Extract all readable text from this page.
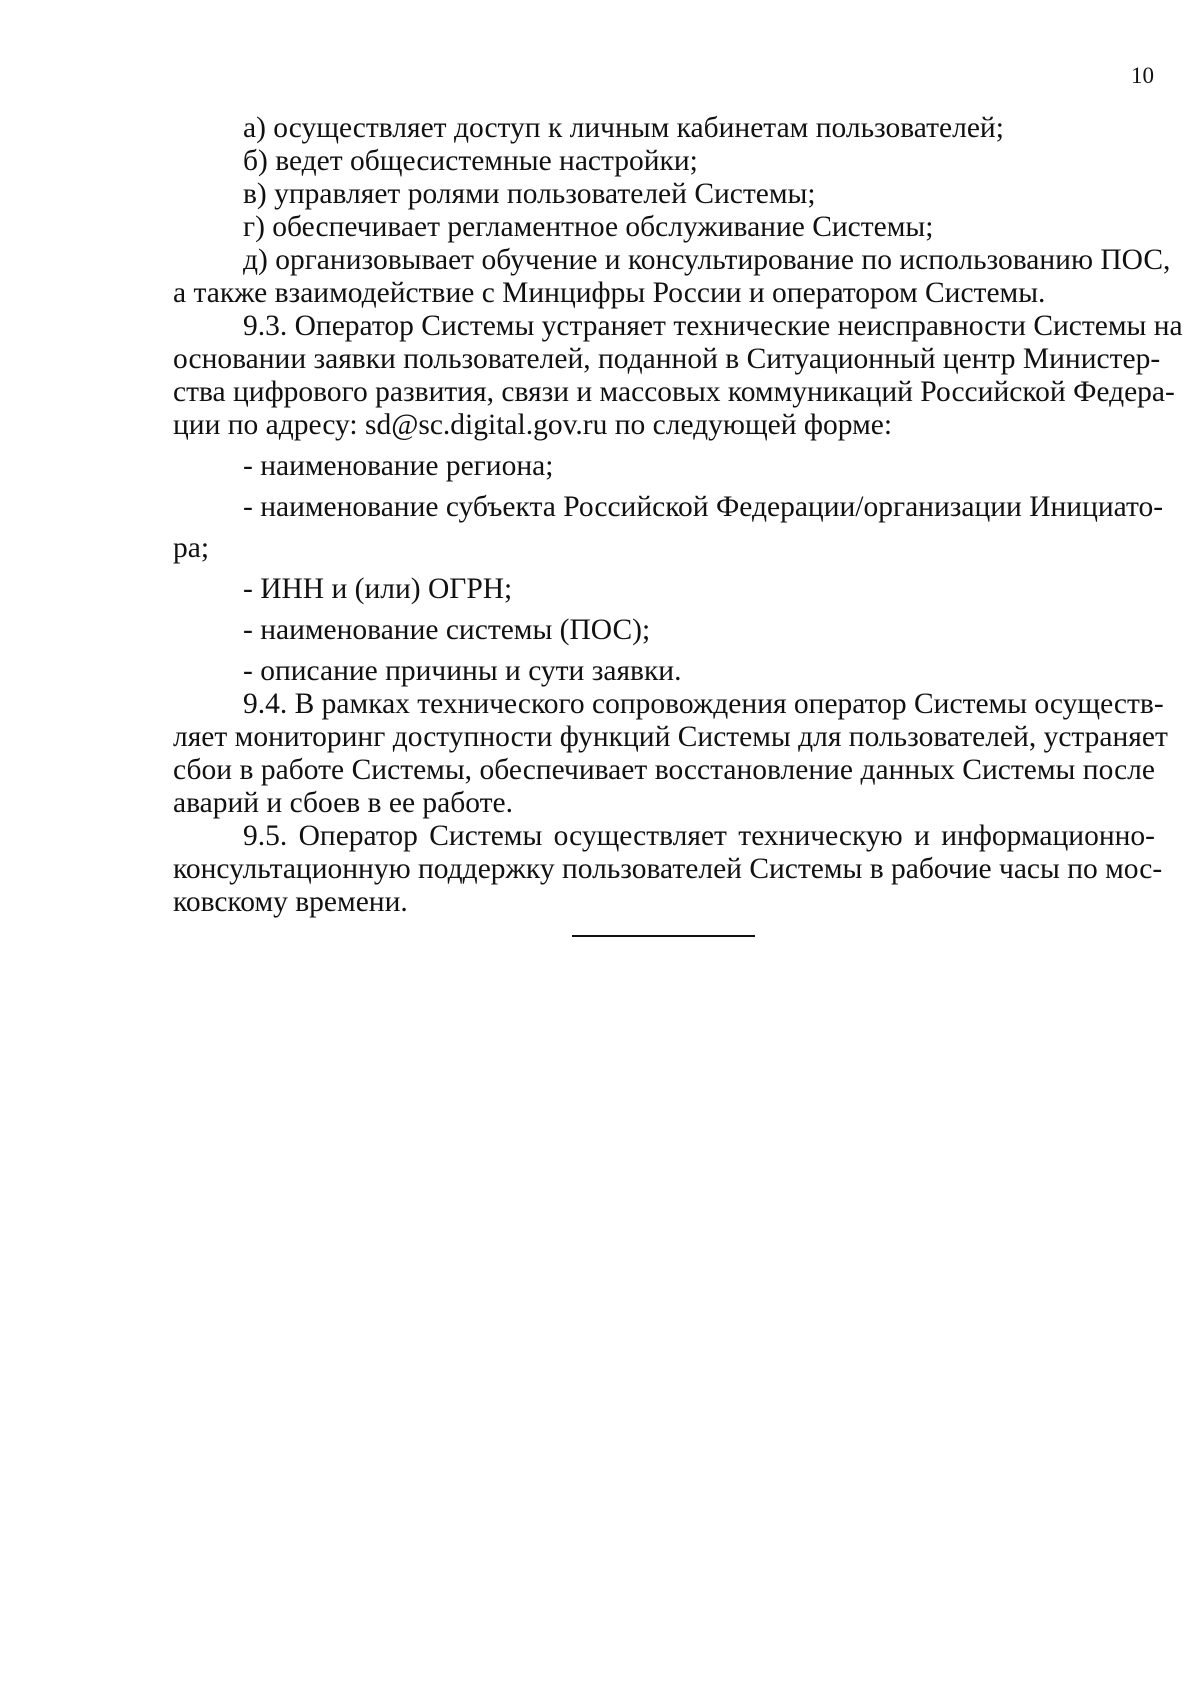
10
а) осуществляет доступ к личным кабинетам пользователей;
б) ведет общесистемные настройки;
в) управляет ролями пользователей Системы;
г) обеспечивает регламентное обслуживание Системы;
д) организовывает обучение и консультирование по использованию ПОС,
а также взаимодействие с Минцифры России и оператором Системы.
9.3. Оператор Системы устраняет технические неисправности Системы на
основании заявки пользователей, поданной в Ситуационный центр Министер-
ства цифрового развития, связи и массовых коммуникаций Российской Федера-
ции по адресу: sd@sc.digital.gov.ru по следующей форме:
- наименование региона;
- наименование субъекта Российской Федерации/организации Инициато-
ра;
- ИНН и (или) ОГРН;
- наименование системы (ПОС);
- описание причины и сути заявки.
9.4. В рамках технического сопровождения оператор Системы осуществ-
ляет мониторинг доступности функций Системы для пользователей, устраняет
сбои в работе Системы, обеспечивает восстановление данных Системы после
аварий и сбоев в ее работе.
9.5. Оператор Системы осуществляет техническую и информационно-
консультационную поддержку пользователей Системы в рабочие часы по мос-
ковскому времени.
